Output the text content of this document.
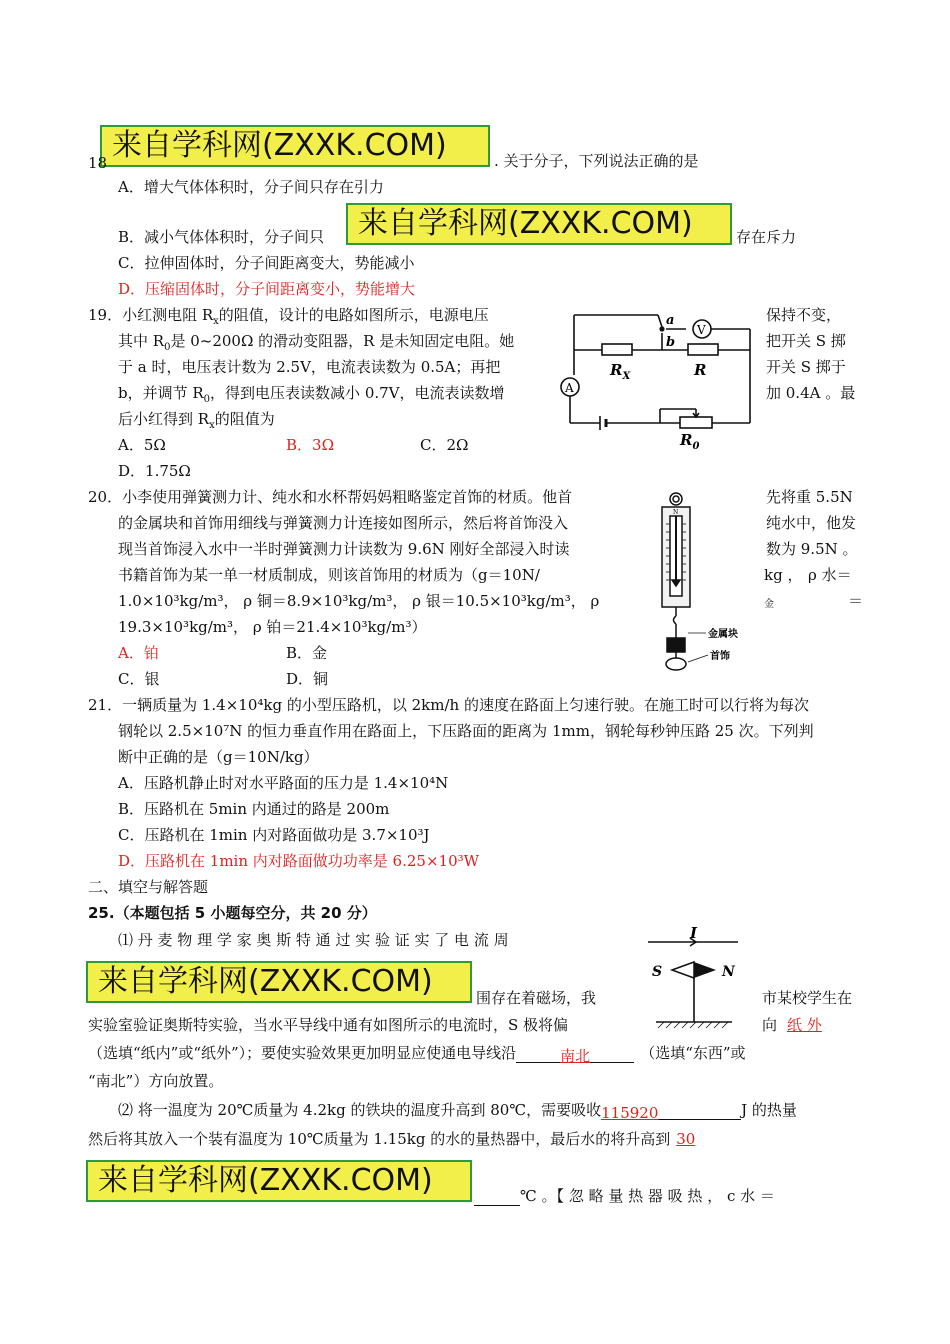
来自学科网(ZXXK.COM)
来自学科网(ZXXK.COM)
来自学科网(ZXXK.COM)
来自学科网(ZXXK.COM)
18	. 关于分子，下列说法正确的是
A．增大气体体积时，分子间只存在引力
B．减小气体体积时，分子间只	存在斥力
C．拉伸固体时，分子间距离变大，势能减小
D．压缩固体时，分子间距离变小，势能增大
19．小红测电阻 $R_x$的阻值，设计的电路如图所示，电源电压	保持不变，
其中 $R_0$是 0~200Ω 的滑动变阻器，R 是未知固定电阻。她	把开关 S 掷
于 a 时，电压表计数为 2.5V，电流表读数为 0.5A；再把	开关 S 掷于
b，并调节 $R_0$，得到电压表读数减小 0.7V，电流表读数增	加 0.4A 。最
后小红得到 $R_x$的阻值为
A．5Ω	B．3Ω	C．2Ω
D．1.75Ω
a
b
V
A
$R_X$	R
$R_0$
20．小李使用弹簧测力计、纯水和水杯帮妈妈粗略鉴定首饰的材质。他首	先将重 5.5N
的金属块和首饰用细线与弹簧测力计连接如图所示，然后将首饰没入	纯水中，他发
现当首饰浸入水中一半时弹簧测力计读数为 9.6N 刚好全部浸入时读	数为 9.5N 。
书籍首饰为某一单一材质制成，则该首饰用的材质为（g＝10N/	kg ， ρ 水＝
1.0×10³kg/m³， ρ 铜＝8.9×10³kg/m³， ρ 银＝10.5×10³kg/m³， ρ	金	＝
19.3×10³kg/m³， ρ 铂＝21.4×10³kg/m³）
A．铂	B．金
C．银	D．铜
N
金属块
首饰
21．一辆质量为 1.4×10⁴kg 的小型压路机，以 2km/h 的速度在路面上匀速行驶。在施工时可以行将为每次
钢轮以 2.5×10⁷N 的恒力垂直作用在路面上，下压路面的距离为 1mm，钢轮每秒钟压路 25 次。下列判
断中正确的是（g＝10N/kg）
A．压路机静止时对水平路面的压力是 1.4×10⁴N
B．压路机在 5min 内通过的路是 200m
C．压路机在 1min 内对路面做功是 3.7×10³J
D．压路机在 1min 内对路面做功功率是 6.25×10³W
二、填空与解答题
25.（本题包括 5 小题每空分，共 20 分）
⑴ 丹 麦 物 理 学 家 奥 斯 特 通 过 实 验 证 实 了 电 流 周
围存在着磁场，我	市某校学生在
实验室验证奥斯特实验，当水平导线中通有如图所示的电流时，S 极将偏	向 纸 外
（选填“纸内”或“纸外”）；要使实验效果更加明显应使通电导线沿	南北	（选填“东西”或
“南北”）方向放置。
⑵ 将一温度为 20℃质量为 4.2kg 的铁块的温度升高到 80℃，需要吸收115920	J 的热量
然后将其放入一个装有温度为 10℃质量为 1.15kg 的水的量热器中，最后水的将升高到 30
℃ 。【 忽 略 量 热 器 吸 热 ， c 水 ＝
I
S	N
